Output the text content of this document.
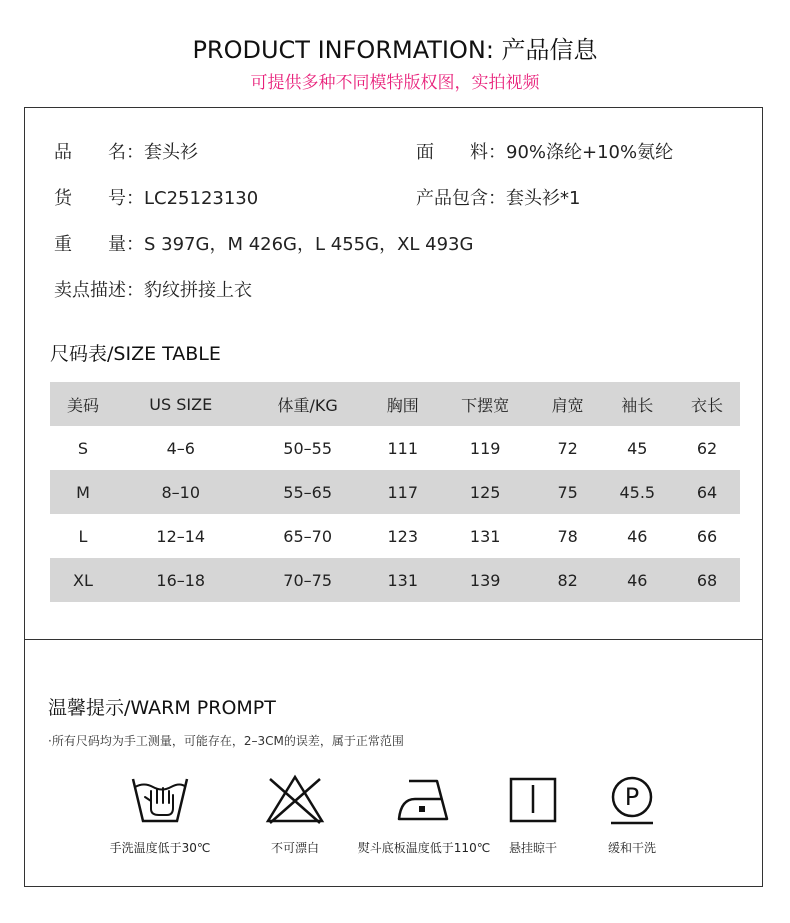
PRODUCT INFORMATION: 产品信息
可提供多种不同模特版权图，实拍视频
品　　名：套头衫	面　　料：90%涤纶+10%氨纶
货　　号：LC25123130	产品包含：套头衫*1
重　　量：S 397G，M 426G，L 455G，XL 493G
卖点描述：豹纹拼接上衣
尺码表/SIZE TABLE
美码	US SIZE	体重/KG	胸围	下摆宽	肩宽	袖长	衣长
S	4–6	50–55	111	119	72	45	62
M	8–10	55–65	117	125	75	45.5	64
L	12–14	65–70	123	131	78	46	66
XL	16–18	70–75	131	139	82	46	68
温馨提示/WARM PROMPT
·所有尺码均为手工测量，可能存在，2–3CM的误差，属于正常范围
手洗温度低于30℃	不可漂白	熨斗底板温度低于110℃	悬挂晾干
P
缓和干洗
